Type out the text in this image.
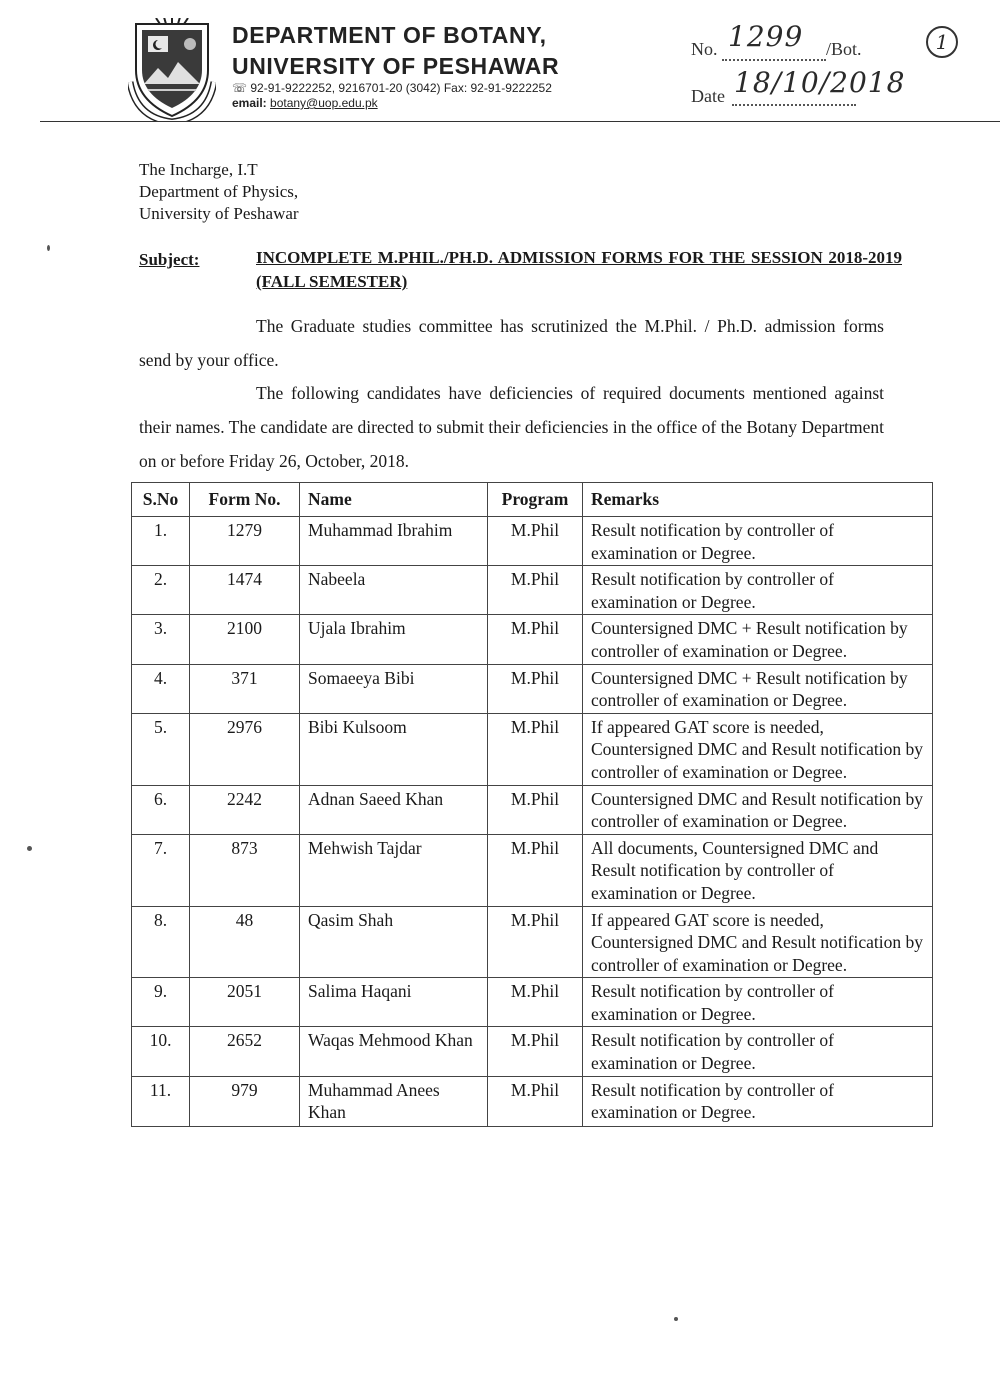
DEPARTMENT OF BOTANY,
UNIVERSITY OF PESHAWAR
☏ 92-91-9222252, 9216701-20 (3042) Fax: 92-91-9222252
email: botany@uop.edu.pk
No. 1299 /Bot.
Date 18/10/2018
1
The Incharge, I.T
Department of Physics,
University of Peshawar
Subject:	INCOMPLETE M.PHIL./PH.D. ADMISSION FORMS FOR THE SESSION 2018-2019 (FALL SEMESTER)
The Graduate studies committee has scrutinized the M.Phil. / Ph.D. admission forms send by your office.
The following candidates have deficiencies of required documents mentioned against their names. The candidate are directed to submit their deficiencies in the office of the Botany Department on or before Friday 26, October, 2018.
S.No	Form No.	Name	Program	Remarks
1.	1279	Muhammad Ibrahim	M.Phil	Result notification by controller of examination or Degree.
2.	1474	Nabeela	M.Phil	Result notification by controller of examination or Degree.
3.	2100	Ujala Ibrahim	M.Phil	Countersigned DMC + Result notification by controller of examination or Degree.
4.	371	Somaeeya Bibi	M.Phil	Countersigned DMC + Result notification by controller of examination or Degree.
5.	2976	Bibi Kulsoom	M.Phil	If appeared GAT score is needed, Countersigned DMC and Result notification by controller of examination or Degree.
6.	2242	Adnan Saeed Khan	M.Phil	Countersigned DMC and Result notification by controller of examination or Degree.
7.	873	Mehwish Tajdar	M.Phil	All documents, Countersigned DMC and Result notification by controller of examination or Degree.
8.	48	Qasim Shah	M.Phil	If appeared GAT score is needed, Countersigned DMC and Result notification by controller of examination or Degree.
9.	2051	Salima Haqani	M.Phil	Result notification by controller of examination or Degree.
10.	2652	Waqas Mehmood Khan	M.Phil	Result notification by controller of examination or Degree.
11.	979	Muhammad Anees Khan	M.Phil	Result notification by controller of examination or Degree.
